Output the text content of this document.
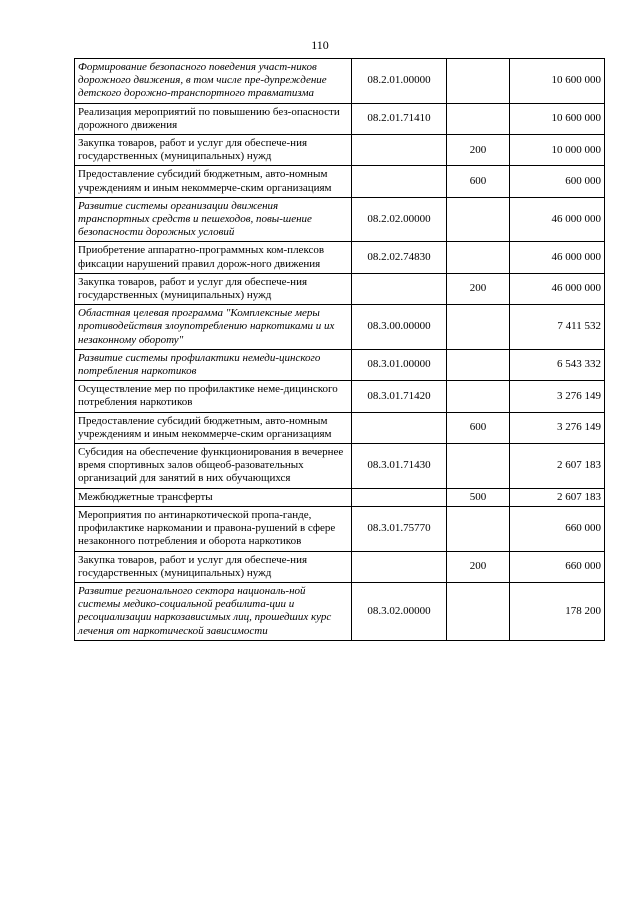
110
Формирование безопасного поведения участ-ников дорожного движения, в том числе пре-дупреждение детского дорожно-транспортного травматизма	08.2.01.00000		10 600 000
Реализация мероприятий по повышению без-опасности дорожного движения	08.2.01.71410		10 600 000
Закупка товаров, работ и услуг для обеспече-ния государственных (муниципальных) нужд		200	10 000 000
Предоставление субсидий бюджетным, авто-номным учреждениям и иным некоммерче-ским организациям		600	600 000
Развитие системы организации движения транспортных средств и пешеходов, повы-шение безопасности дорожных условий	08.2.02.00000		46 000 000
Приобретение аппаратно-программных ком-плексов фиксации нарушений правил дорож-ного движения	08.2.02.74830		46 000 000
Закупка товаров, работ и услуг для обеспече-ния государственных (муниципальных) нужд		200	46 000 000
Областная целевая программа "Комплексные меры противодействия злоупотреблению наркотиками и их незаконному обороту"	08.3.00.00000		7 411 532
Развитие системы профилактики немеди-цинского потребления наркотиков	08.3.01.00000		6 543 332
Осуществление мер по профилактике неме-дицинского потребления наркотиков	08.3.01.71420		3 276 149
Предоставление субсидий бюджетным, авто-номным учреждениям и иным некоммерче-ским организациям		600	3 276 149
Субсидия на обеспечение функционирования в вечернее время спортивных залов общеоб-разовательных организаций для занятий в них обучающихся	08.3.01.71430		2 607 183
Межбюджетные трансферты		500	2 607 183
Мероприятия по антинаркотической пропа-ганде, профилактике наркомании и правона-рушений в сфере незаконного потребления и оборота наркотиков	08.3.01.75770		660 000
Закупка товаров, работ и услуг для обеспече-ния государственных (муниципальных) нужд		200	660 000
Развитие регионального сектора националь-ной системы медико-социальной реабилита-ции и ресоциализации наркозависимых лиц, прошедших курс лечения от наркотической зависимости	08.3.02.00000		178 200
